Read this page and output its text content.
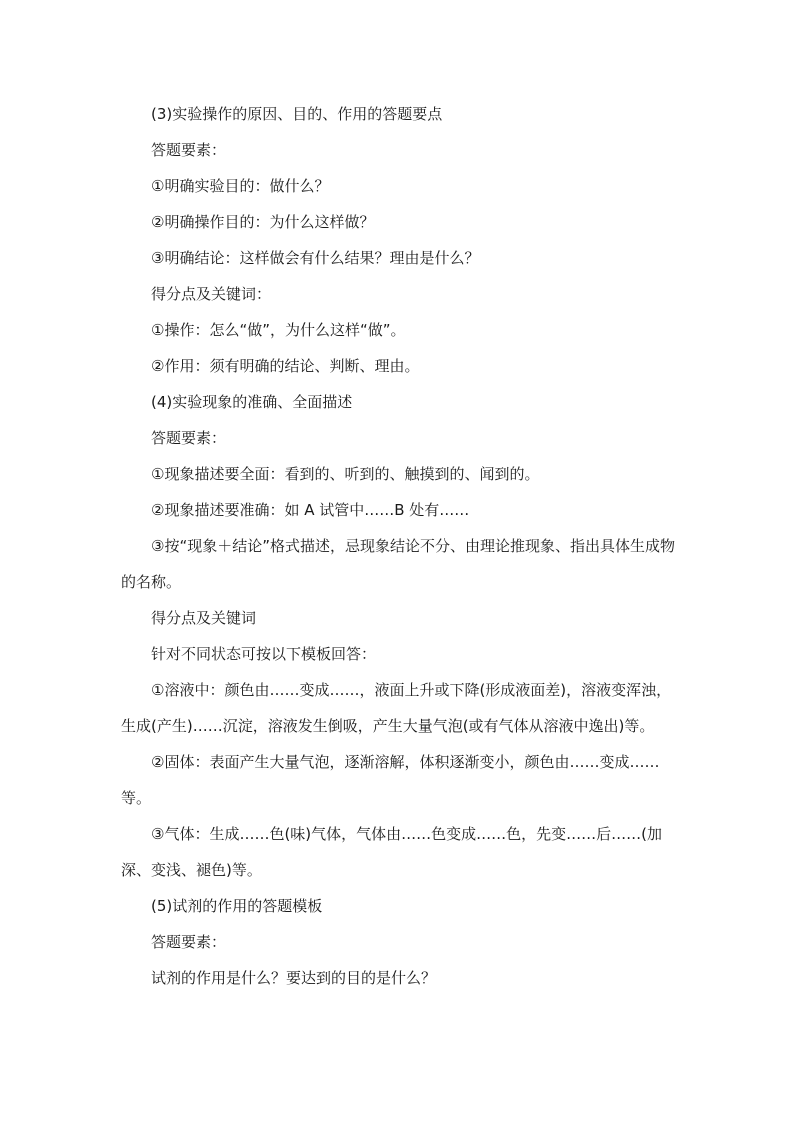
(3)实验操作的原因、目的、作用的答题要点

答题要素：

①明确实验目的：做什么？

②明确操作目的：为什么这样做？

③明确结论：这样做会有什么结果？理由是什么？

得分点及关键词：

①操作：怎么“做”，为什么这样“做”。

②作用：须有明确的结论、判断、理由。

(4)实验现象的准确、全面描述

答题要素：

①现象描述要全面：看到的、听到的、触摸到的、闻到的。

②现象描述要准确：如 A 试管中……B 处有……

③按“现象＋结论”格式描述，忌现象结论不分、由理论推现象、指出具体生成物的名称。

得分点及关键词

针对不同状态可按以下模板回答：

①溶液中：颜色由……变成……，液面上升或下降(形成液面差)，溶液变浑浊，生成(产生)……沉淀，溶液发生倒吸，产生大量气泡(或有气体从溶液中逸出)等。

②固体：表面产生大量气泡，逐渐溶解，体积逐渐变小，颜色由……变成……等。

③气体：生成……色(味)气体，气体由……色变成……色，先变……后……(加深、变浅、褪色)等。

(5)试剂的作用的答题模板

答题要素：

试剂的作用是什么？要达到的目的是什么？
